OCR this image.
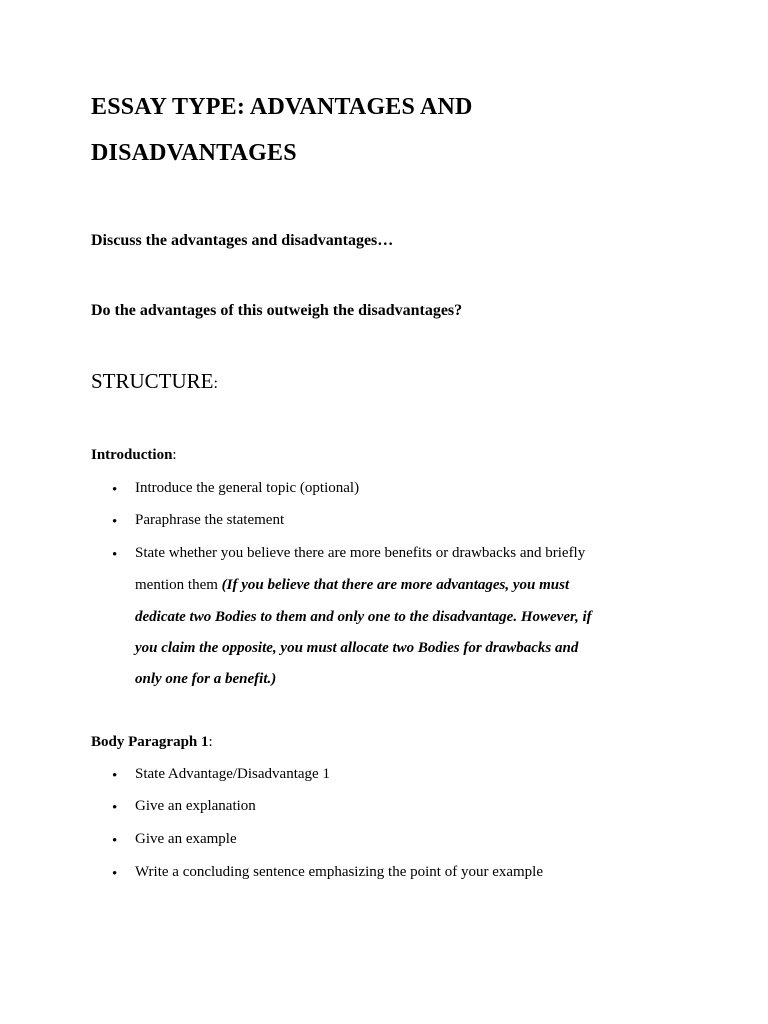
ESSAY TYPE: ADVANTAGES AND
DISADVANTAGES
Discuss the advantages and disadvantages…
Do the advantages of this outweigh the disadvantages?
STRUCTURE:
Introduction:
•	Introduce the general topic (optional)
•	Paraphrase the statement
•	State whether you believe there are more benefits or drawbacks and briefly
mention them (If you believe that there are more advantages, you must
dedicate two Bodies to them and only one to the disadvantage. However, if
you claim the opposite, you must allocate two Bodies for drawbacks and
only one for a benefit.)
Body Paragraph 1:
•	State Advantage/Disadvantage 1
•	Give an explanation
•	Give an example
•	Write a concluding sentence emphasizing the point of your example
